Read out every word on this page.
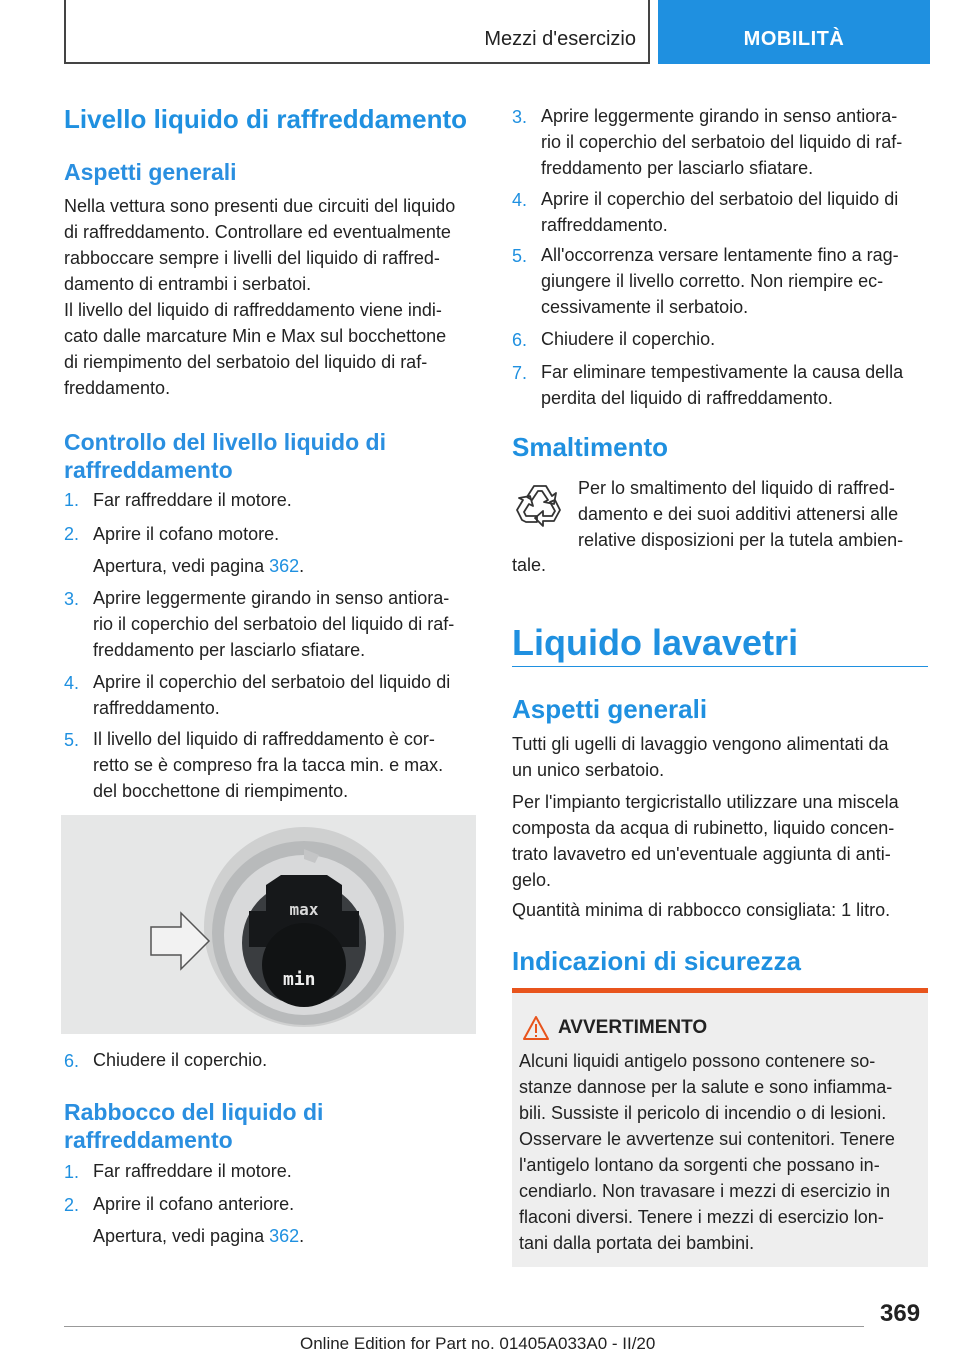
Mezzi d'esercizio	MOBILITÀ
Livello liquido di raffreddamento
Aspetti generali
Nella vettura sono presenti due circuiti del liquido
di raffreddamento. Controllare ed eventualmente
rabboccare sempre i livelli del liquido di raffred-
damento di entrambi i serbatoi.
Il livello del liquido di raffreddamento viene indi-
cato dalle marcature Min e Max sul bocchettone
di riempimento del serbatoio del liquido di raf-
freddamento.
Controllo del livello liquido di
raffreddamento
1. Far raffreddare il motore.
2. Aprire il cofano motore.
Apertura, vedi pagina 362.
3. Aprire leggermente girando in senso antiora-
rio il coperchio del serbatoio del liquido di raf-
freddamento per lasciarlo sfiatare.
4. Aprire il coperchio del serbatoio del liquido di
raffreddamento.
5. Il livello del liquido di raffreddamento è cor-
retto se è compreso fra la tacca min. e max.
del bocchettone di riempimento.
max
min
6. Chiudere il coperchio.
Rabbocco del liquido di
raffreddamento
1. Far raffreddare il motore.
2. Aprire il cofano anteriore.
Apertura, vedi pagina 362.
3. Aprire leggermente girando in senso antiora-
rio il coperchio del serbatoio del liquido di raf-
freddamento per lasciarlo sfiatare.
4. Aprire il coperchio del serbatoio del liquido di
raffreddamento.
5. All'occorrenza versare lentamente fino a rag-
giungere il livello corretto. Non riempire ec-
cessivamente il serbatoio.
6. Chiudere il coperchio.
7. Far eliminare tempestivamente la causa della
perdita del liquido di raffreddamento.
Smaltimento
Per lo smaltimento del liquido di raffred-
damento e dei suoi additivi attenersi alle
relative disposizioni per la tutela ambien-
tale.
Liquido lavavetri
Aspetti generali
Tutti gli ugelli di lavaggio vengono alimentati da
un unico serbatoio.
Per l'impianto tergicristallo utilizzare una miscela
composta da acqua di rubinetto, liquido concen-
trato lavavetro ed un'eventuale aggiunta di anti-
gelo.
Quantità minima di rabbocco consigliata: 1 litro.
Indicazioni di sicurezza
AVVERTIMENTO
Alcuni liquidi antigelo possono contenere so-
stanze dannose per la salute e sono infiamma-
bili. Sussiste il pericolo di incendio o di lesioni.
Osservare le avvertenze sui contenitori. Tenere
l'antigelo lontano da sorgenti che possano in-
cendiarlo. Non travasare i mezzi di esercizio in
flaconi diversi. Tenere i mezzi di esercizio lon-
tani dalla portata dei bambini.
369
Online Edition for Part no. 01405A033A0 - II/20
